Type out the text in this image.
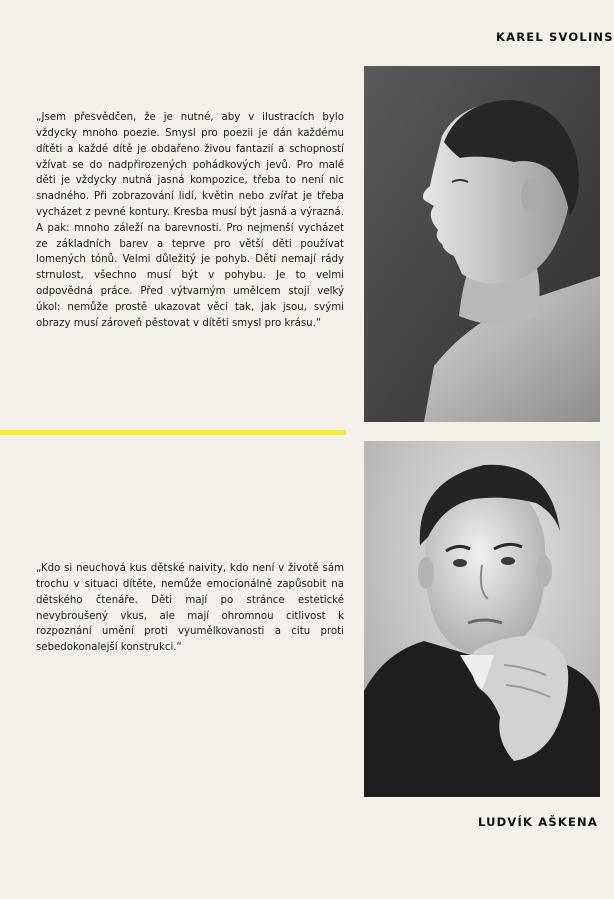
KAREL SVOLINS

„Jsem přesvědčen, že je nutné, aby v ilustracích bylo vždycky mnoho poezie. Smysl pro poezii je dán každému dítěti a každé dítě je obdařeno živou fantazií a schopností vžívat se do nadpřirozených pohádkových jevů. Pro malé děti je vždycky nutná jasná kompozice, třeba to není nic snadného. Při zobrazování lidí, květin nebo zvířat je třeba vycházet z pevné kontury. Kresba musí být jasná a výrazná. A pak: mnoho záleží na barevnosti. Pro nejmenší vycházet ze základních barev a teprve pro větší děti používat lomených tónů. Velmi důležitý je pohyb. Děti nemají rády strnulost, všechno musí být v pohybu. Je to velmi odpovědná práce. Před výtvarným umělcem stojí velký úkol: nemůže prostě ukazovat věci tak, jak jsou, svými obrazy musí zároveň pěstovat v dítěti smysl pro krásu.“

„Kdo si neuchová kus dětské naivity, kdo není v životě sám trochu v situaci dítěte, nemůže emocionálně zapůsobit na dětského čtenáře. Děti mají po stránce estetické nevybroušený vkus, ale mají ohromnou citlivost k rozpoznání umění proti vyumělkovanosti a citu proti sebedokonalejší konstrukci.“

LUDVÍK AŠKENA
